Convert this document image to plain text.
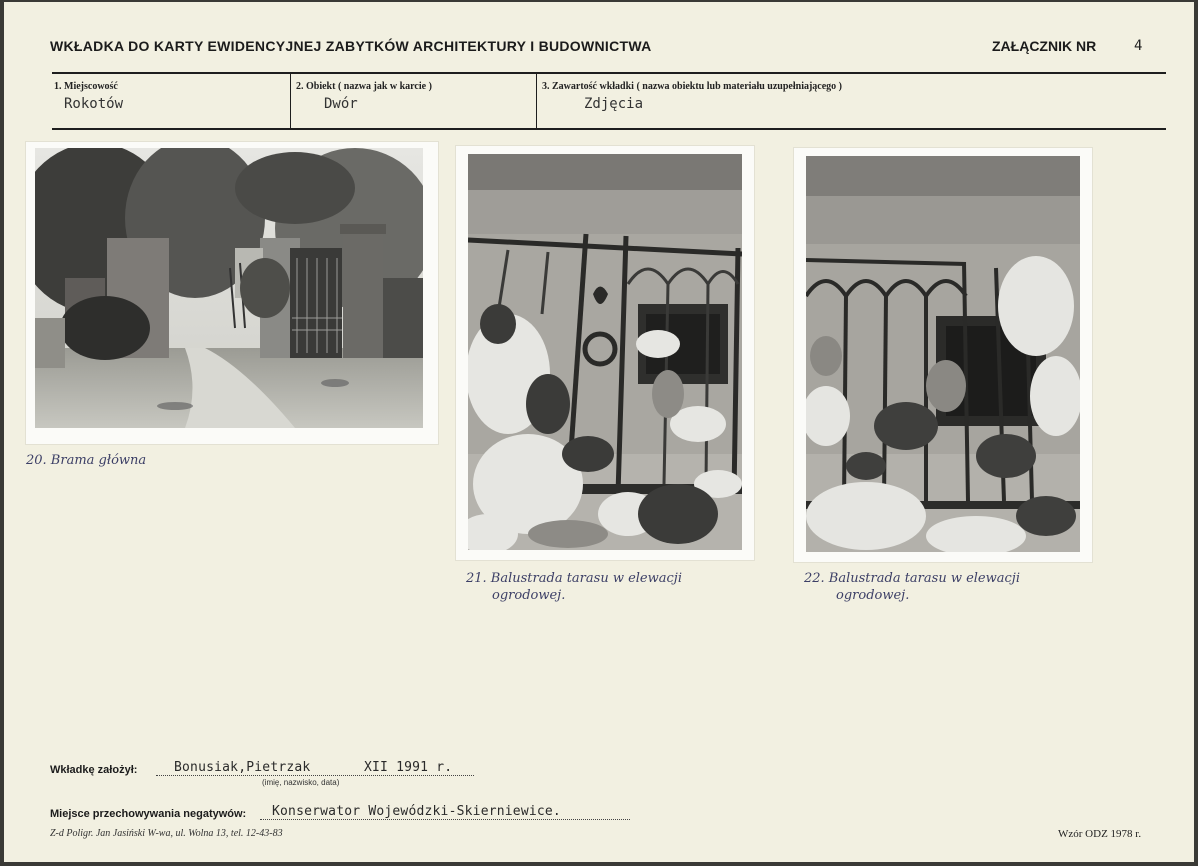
WKŁADKA DO KARTY EWIDENCYJNEJ ZABYTKÓW ARCHITEKTURY I BUDOWNICTWA	ZAŁĄCZNIK NR	4
1. Miejscowość
Rokotów
2. Obiekt ( nazwa jak w karcie )
Dwór
3. Zawartość wkładki ( nazwa obiektu lub materiału uzupełniającego )
Zdjęcia
20. Brama główna
21. Balustrada tarasu w elewacji
ogrodowej.
22. Balustrada tarasu w elewacji
ogrodowej.
Wkładkę założył:	Bonusiak,Pietrzak	XII 1991 r.
(imię, nazwisko, data)
Miejsce przechowywania negatywów: Konserwator Wojewódzki-Skierniewice.
Z-d Poligr. Jan Jasiński W-wa, ul. Wolna 13, tel. 12-43-83	Wzór ODZ 1978 r.
